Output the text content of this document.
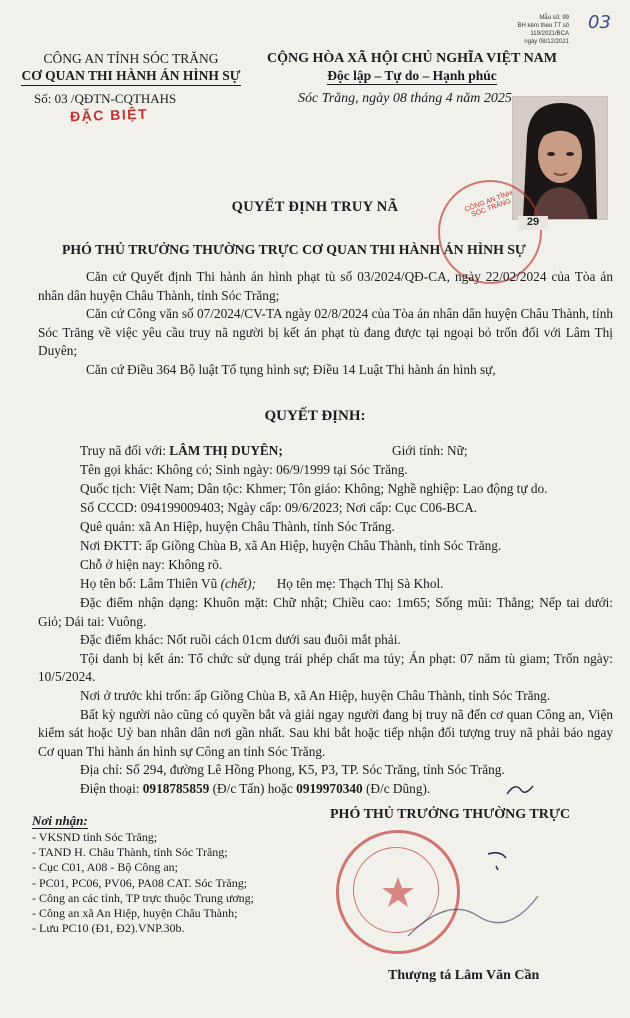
CÔNG AN TỈNH SÓC TRĂNG
CƠ QUAN THI HÀNH ÁN HÌNH SỰ
Số: 03 /QĐTN-CQTHAHS
ĐẶC BIỆT
Mẫu số: 99
BH kèm theo TT số 119/2021/BCA
ngày 08/12/2021
03
CỘNG HÒA XÃ HỘI CHỦ NGHĨA VIỆT NAM
Độc lập – Tự do – Hạnh phúc
Sóc Trăng, ngày 08 tháng 4 năm 2025
CÔNG AN TỈNH SÓC TRĂNG
29
QUYẾT ĐỊNH TRUY NÃ
PHÓ THỦ TRƯỞNG THƯỜNG TRỰC CƠ QUAN THI HÀNH ÁN HÌNH SỰ
Căn cứ Quyết định Thi hành án hình phạt tù số 03/2024/QĐ-CA, ngày 22/02/2024 của Tòa án nhân dân huyện Châu Thành, tỉnh Sóc Trăng;
Căn cứ Công văn số 07/2024/CV-TA ngày 02/8/2024 của Tòa án nhân dân huyện Châu Thành, tỉnh Sóc Trăng về việc yêu cầu truy nã người bị kết án phạt tù đang được tại ngoại bỏ trốn đối với Lâm Thị Duyên;
Căn cứ Điều 364 Bộ luật Tố tụng hình sự; Điều 14 Luật Thi hành án hình sự,
QUYẾT ĐỊNH:
Truy nã đối với: LÂM THỊ DUYÊN;	Giới tính: Nữ;
Tên gọi khác: Không có; Sinh ngày: 06/9/1999 tại Sóc Trăng.
Quốc tịch: Việt Nam; Dân tộc: Khmer; Tôn giáo: Không; Nghề nghiệp: Lao động tự do.
Số CCCD: 094199009403; Ngày cấp: 09/6/2023; Nơi cấp: Cục C06-BCA.
Quê quán: xã An Hiệp, huyện Châu Thành, tỉnh Sóc Trăng.
Nơi ĐKTT: ấp Giồng Chùa B, xã An Hiệp, huyện Châu Thành, tỉnh Sóc Trăng.
Chỗ ở hiện nay: Không rõ.
Họ tên bố: Lâm Thiên Vũ (chết); Họ tên mẹ: Thạch Thị Sà Khol.
Đặc điểm nhận dạng: Khuôn mặt: Chữ nhật; Chiều cao: 1m65; Sống mũi: Thẳng; Nếp tai dưới: Giỏ; Dái tai: Vuông.
Đặc điểm khác: Nốt ruồi cách 01cm dưới sau đuôi mắt phải.
Tội danh bị kết án: Tổ chức sử dụng trái phép chất ma túy; Án phạt: 07 năm tù giam; Trốn ngày: 10/5/2024.
Nơi ở trước khi trốn: ấp Giồng Chùa B, xã An Hiệp, huyện Châu Thành, tỉnh Sóc Trăng.
Bất kỳ người nào cũng có quyền bắt và giải ngay người đang bị truy nã đến cơ quan Công an, Viện kiểm sát hoặc Uỷ ban nhân dân nơi gần nhất. Sau khi bắt hoặc tiếp nhận đối tượng truy nã phải báo ngay Cơ quan Thi hành án hình sự Công an tỉnh Sóc Trăng.
Địa chỉ: Số 294, đường Lê Hồng Phong, K5, P3, TP. Sóc Trăng, tỉnh Sóc Trăng.
Điện thoại: 0918785859 (Đ/c Tấn) hoặc 0919970340 (Đ/c Dũng).
Nơi nhận:
- VKSND tỉnh Sóc Trăng;
- TAND H. Châu Thành, tỉnh Sóc Trăng;
- Cục C01, A08 - Bộ Công an;
- PC01, PC06, PV06, PA08 CAT. Sóc Trăng;
- Công an các tỉnh, TP trực thuộc Trung ương;
- Công an xã An Hiệp, huyện Châu Thành;
- Lưu PC10 (Đ1, Đ2).VNP.30b.
PHÓ THỦ TRƯỞNG THƯỜNG TRỰC
Thượng tá Lâm Văn Cần
